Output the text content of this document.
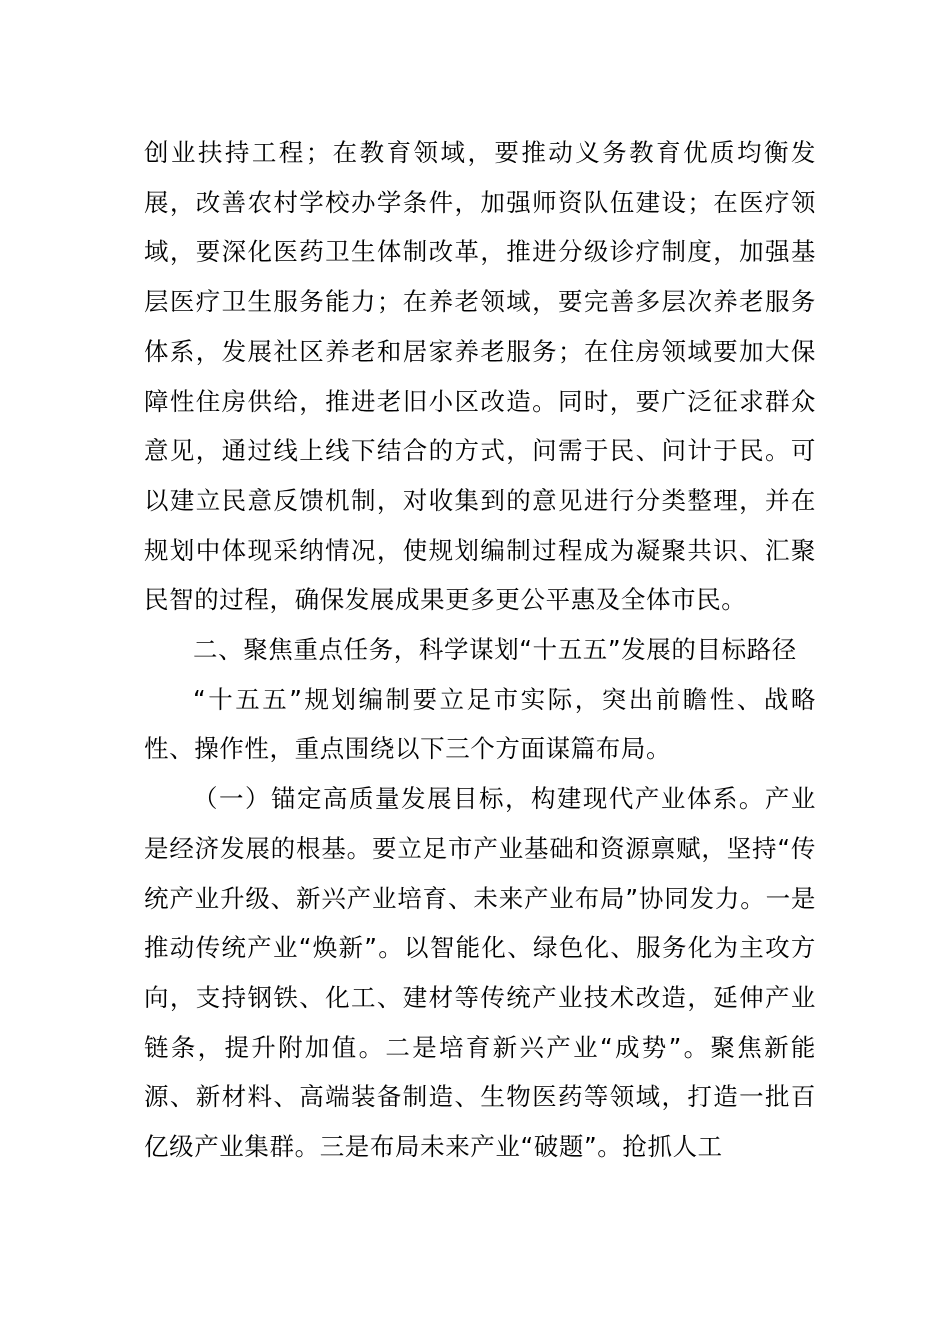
创业扶持工程；在教育领域，要推动义务教育优质均衡发展，改善农村学校办学条件，加强师资队伍建设；在医疗领域，要深化医药卫生体制改革，推进分级诊疗制度，加强基层医疗卫生服务能力；在养老领域，要完善多层次养老服务体系，发展社区养老和居家养老服务；在住房领域要加大保障性住房供给，推进老旧小区改造。同时，要广泛征求群众意见，通过线上线下结合的方式，问需于民、问计于民。可以建立民意反馈机制，对收集到的意见进行分类整理，并在规划中体现采纳情况，使规划编制过程成为凝聚共识、汇聚民智的过程，确保发展成果更多更公平惠及全体市民。

二、聚焦重点任务，科学谋划“十五五”发展的目标路径

“十五五”规划编制要立足市实际，突出前瞻性、战略性、操作性，重点围绕以下三个方面谋篇布局。

（一）锚定高质量发展目标，构建现代产业体系。产业是经济发展的根基。要立足市产业基础和资源禀赋，坚持“传统产业升级、新兴产业培育、未来产业布局”协同发力。一是推动传统产业“焕新”。以智能化、绿色化、服务化为主攻方向，支持钢铁、化工、建材等传统产业技术改造，延伸产业链条，提升附加值。二是培育新兴产业“成势”。聚焦新能源、新材料、高端装备制造、生物医药等领域，打造一批百亿级产业集群。三是布局未来产业“破题”。抢抓人工
